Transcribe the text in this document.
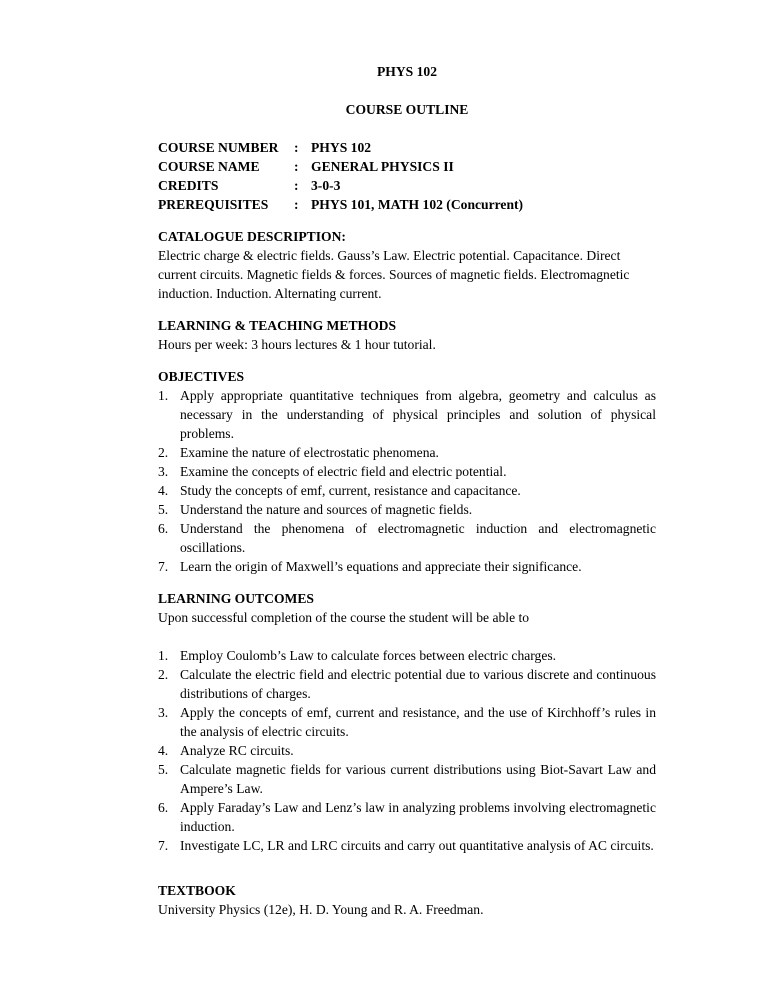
PHYS 102
COURSE OUTLINE
COURSE NUMBER	: PHYS 102
COURSE NAME	: GENERAL PHYSICS II
CREDITS	: 3-0-3
PREREQUISITES	: PHYS 101, MATH 102 (Concurrent)
CATALOGUE DESCRIPTION:
Electric charge & electric fields. Gauss’s Law. Electric potential. Capacitance. Direct current circuits. Magnetic fields & forces. Sources of magnetic fields. Electromagnetic induction. Induction. Alternating current.
LEARNING & TEACHING METHODS
Hours per week: 3 hours lectures & 1 hour tutorial.
OBJECTIVES
1. Apply appropriate quantitative techniques from algebra, geometry and calculus as necessary in the understanding of physical principles and solution of physical problems.
2. Examine the nature of electrostatic phenomena.
3. Examine the concepts of electric field and electric potential.
4. Study the concepts of emf, current, resistance and capacitance.
5. Understand the nature and sources of magnetic fields.
6. Understand the phenomena of electromagnetic induction and electromagnetic oscillations.
7. Learn the origin of Maxwell’s equations and appreciate their significance.
LEARNING OUTCOMES
Upon successful completion of the course the student will be able to
1. Employ Coulomb’s Law to calculate forces between electric charges.
2. Calculate the electric field and electric potential due to various discrete and continuous distributions of charges.
3. Apply the concepts of emf, current and resistance, and the use of Kirchhoff’s rules in the analysis of electric circuits.
4. Analyze RC circuits.
5. Calculate magnetic fields for various current distributions using Biot-Savart Law and Ampere’s Law.
6. Apply Faraday’s Law and Lenz’s law in analyzing problems involving electromagnetic induction.
7. Investigate LC, LR and LRC circuits and carry out quantitative analysis of AC circuits.
TEXTBOOK
University Physics (12e), H. D. Young and R. A. Freedman.
